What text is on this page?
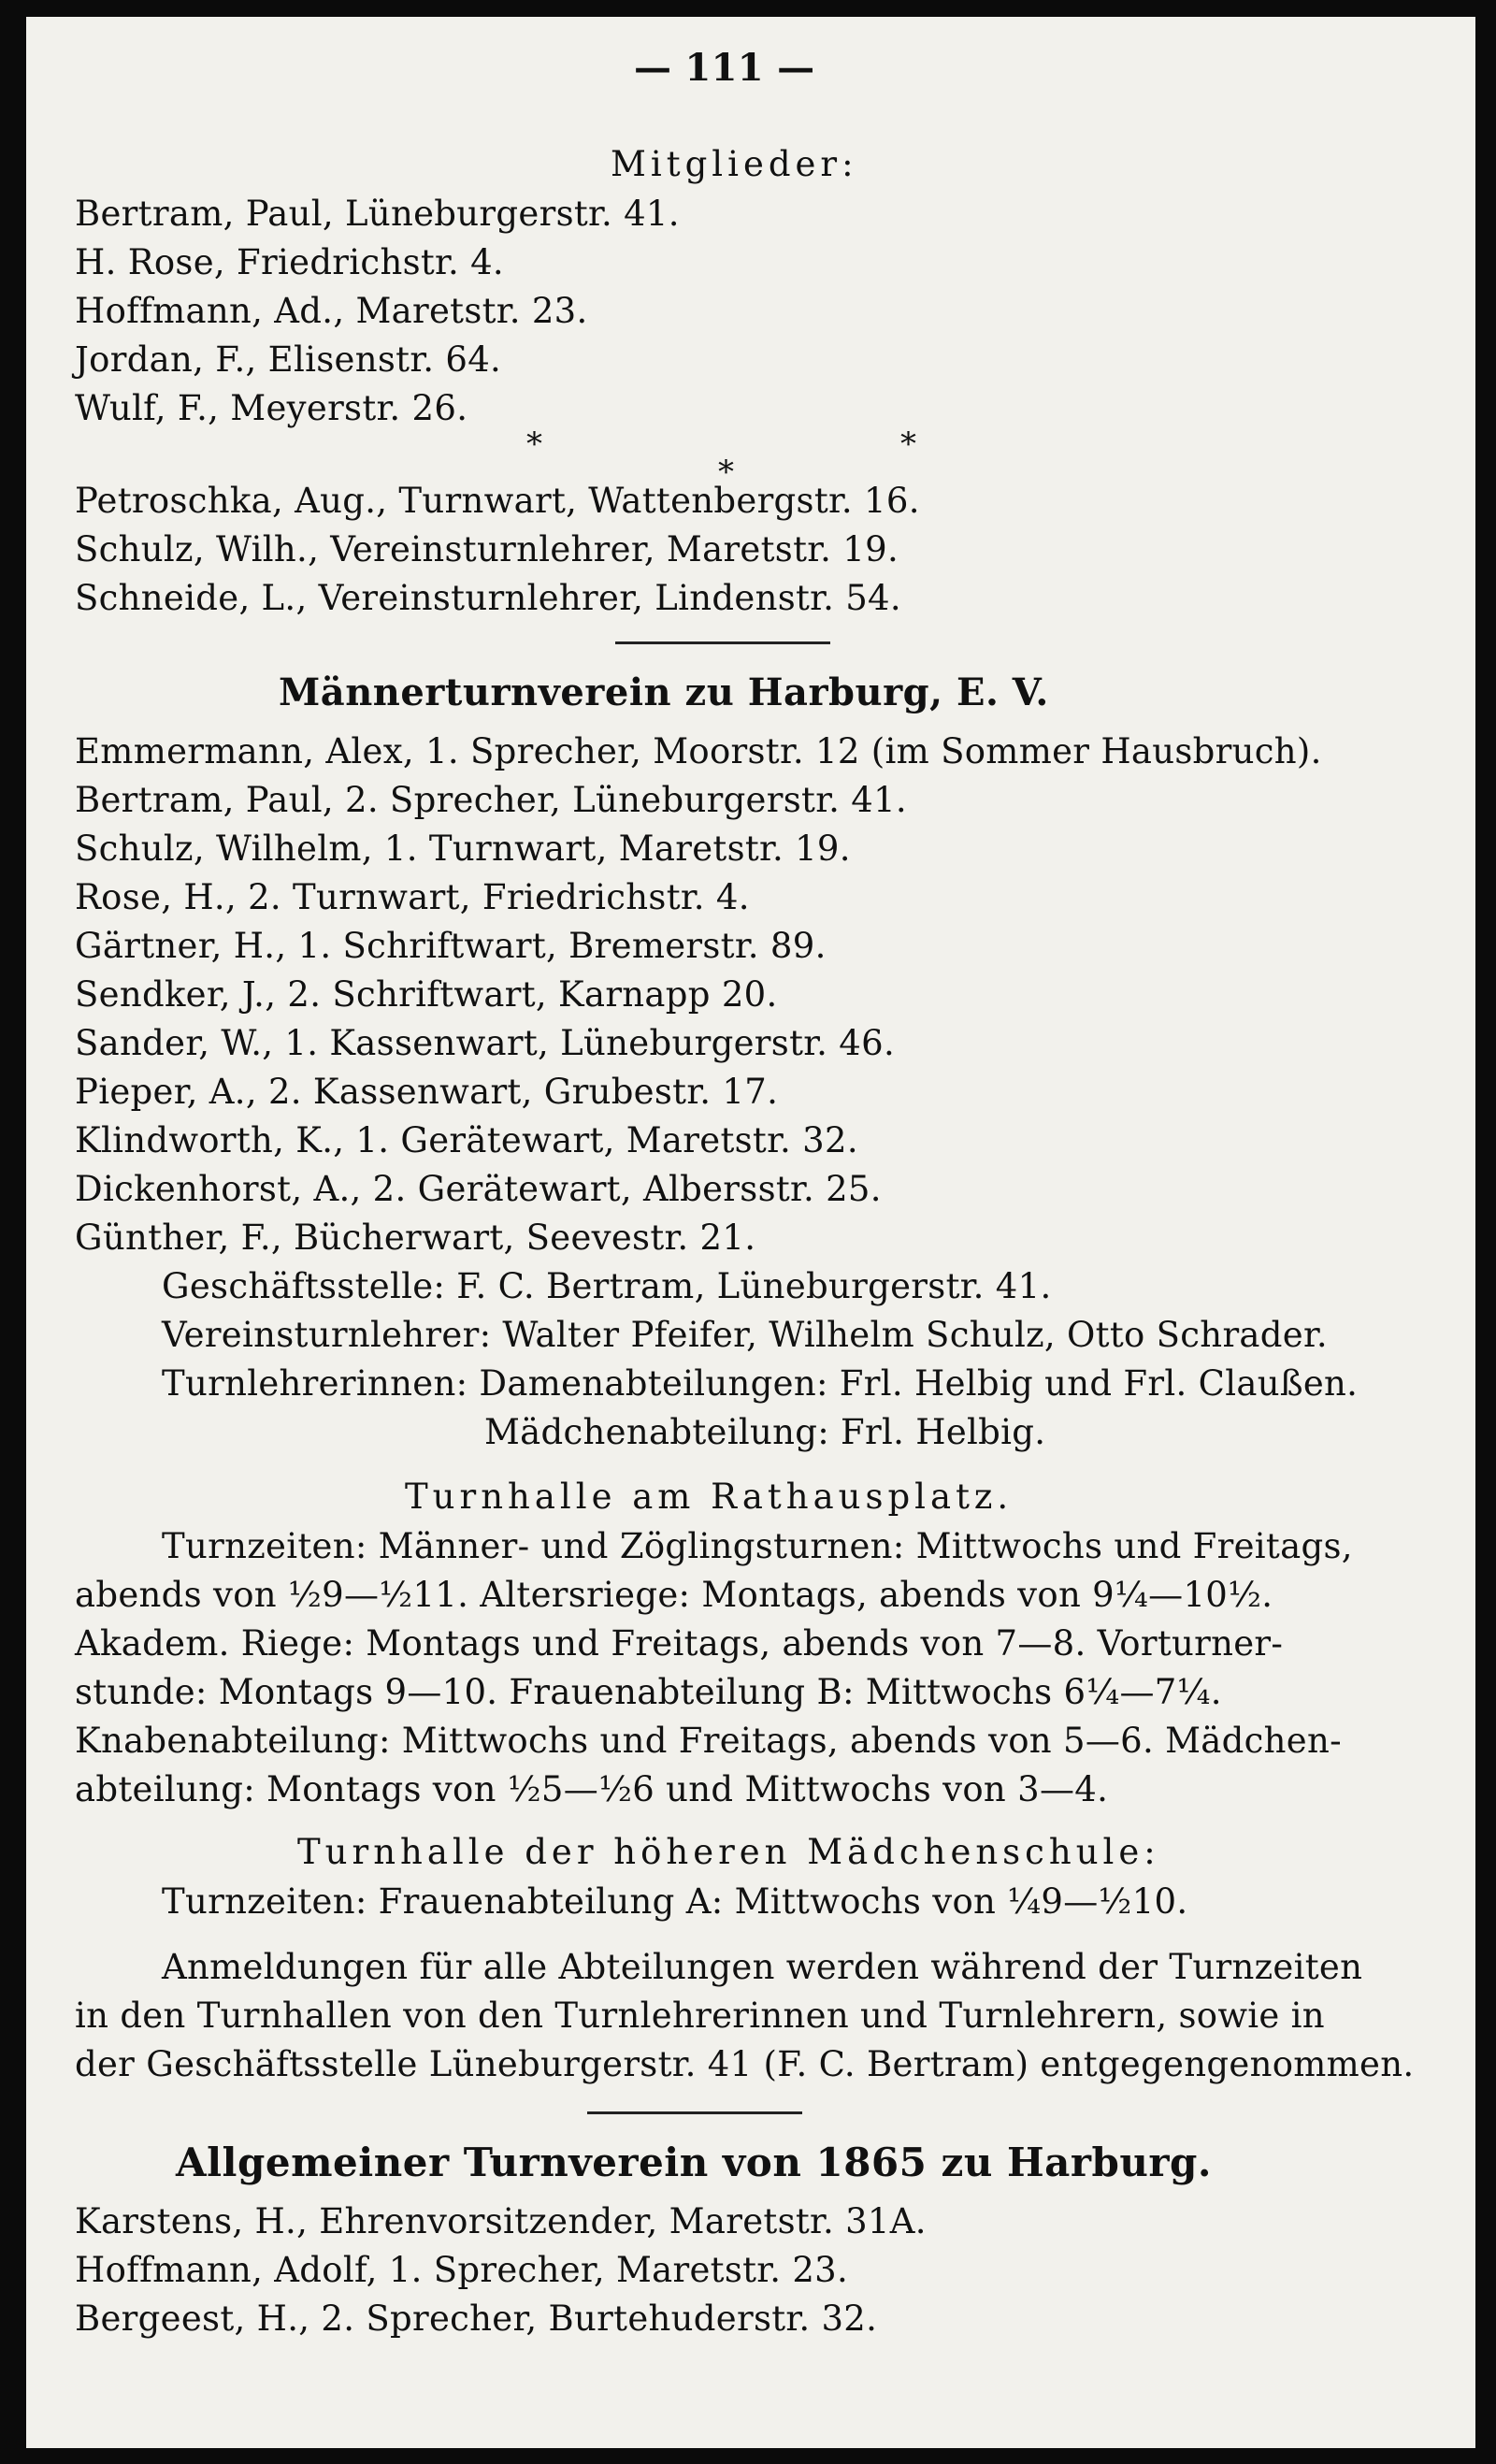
— 111 —
Mitglieder:
Bertram, Paul, Lüneburgerstr. 41.
H. Rose, Friedrichstr. 4.
Hoffmann, Ad., Maretstr. 23.
Jordan, F., Elisenstr. 64.
Wulf, F., Meyerstr. 26.
*
*
*
Petroschka, Aug., Turnwart, Wattenbergstr. 16.
Schulz, Wilh., Vereinsturnlehrer, Maretstr. 19.
Schneide, L., Vereinsturnlehrer, Lindenstr. 54.
Männerturnverein zu Harburg, E. V.
Emmermann, Alex, 1. Sprecher, Moorstr. 12 (im Sommer Hausbruch).
Bertram, Paul, 2. Sprecher, Lüneburgerstr. 41.
Schulz, Wilhelm, 1. Turnwart, Maretstr. 19.
Rose, H., 2. Turnwart, Friedrichstr. 4.
Gärtner, H., 1. Schriftwart, Bremerstr. 89.
Sendker, J., 2. Schriftwart, Karnapp 20.
Sander, W., 1. Kassenwart, Lüneburgerstr. 46.
Pieper, A., 2. Kassenwart, Grubestr. 17.
Klindworth, K., 1. Gerätewart, Maretstr. 32.
Dickenhorst, A., 2. Gerätewart, Albersstr. 25.
Günther, F., Bücherwart, Seevestr. 21.
Geschäftsstelle: F. C. Bertram, Lüneburgerstr. 41.
Vereinsturnlehrer: Walter Pfeifer, Wilhelm Schulz, Otto Schrader.
Turnlehrerinnen: Damenabteilungen: Frl. Helbig und Frl. Claußen.
Mädchenabteilung: Frl. Helbig.
Turnhalle am Rathausplatz.
Turnzeiten: Männer- und Zöglingsturnen: Mittwochs und Freitags,
abends von ½9—½11. Altersriege: Montags, abends von 9¼—10½.
Akadem. Riege: Montags und Freitags, abends von 7—8. Vorturner-
stunde: Montags 9—10. Frauenabteilung B: Mittwochs 6¼—7¼.
Knabenabteilung: Mittwochs und Freitags, abends von 5—6. Mädchen-
abteilung: Montags von ½5—½6 und Mittwochs von 3—4.
Turnhalle der höheren Mädchenschule:
Turnzeiten: Frauenabteilung A: Mittwochs von ¼9—½10.
Anmeldungen für alle Abteilungen werden während der Turnzeiten
in den Turnhallen von den Turnlehrerinnen und Turnlehrern, sowie in
der Geschäftsstelle Lüneburgerstr. 41 (F. C. Bertram) entgegengenommen.
Allgemeiner Turnverein von 1865 zu Harburg.
Karstens, H., Ehrenvorsitzender, Maretstr. 31A.
Hoffmann, Adolf, 1. Sprecher, Maretstr. 23.
Bergeest, H., 2. Sprecher, Burtehuderstr. 32.
